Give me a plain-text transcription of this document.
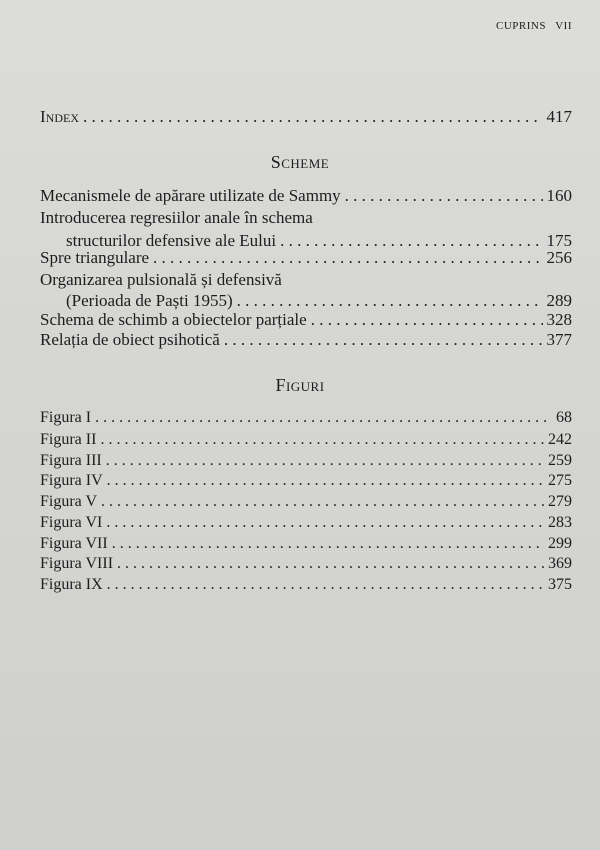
CUPRINS VII
Index . . .	417
Scheme
Mecanismele de apărare utilizate de Sammy . . .	160
Introducerea regresiilor anale în schema
structurilor defensive ale Eului . . .	175
Spre triangulare . . .	256
Organizarea pulsională și defensivă
(Perioada de Paști 1955) . . .	289
Schema de schimb a obiectelor parțiale . . .	328
Relația de obiect psihotică . . .	377
Figuri
Figura I . . .	68
Figura II . . .	242
Figura III . . .	259
Figura IV . . .	275
Figura V . . .	279
Figura VI . . .	283
Figura VII . . .	299
Figura VIII . . .	369
Figura IX . . .	375
